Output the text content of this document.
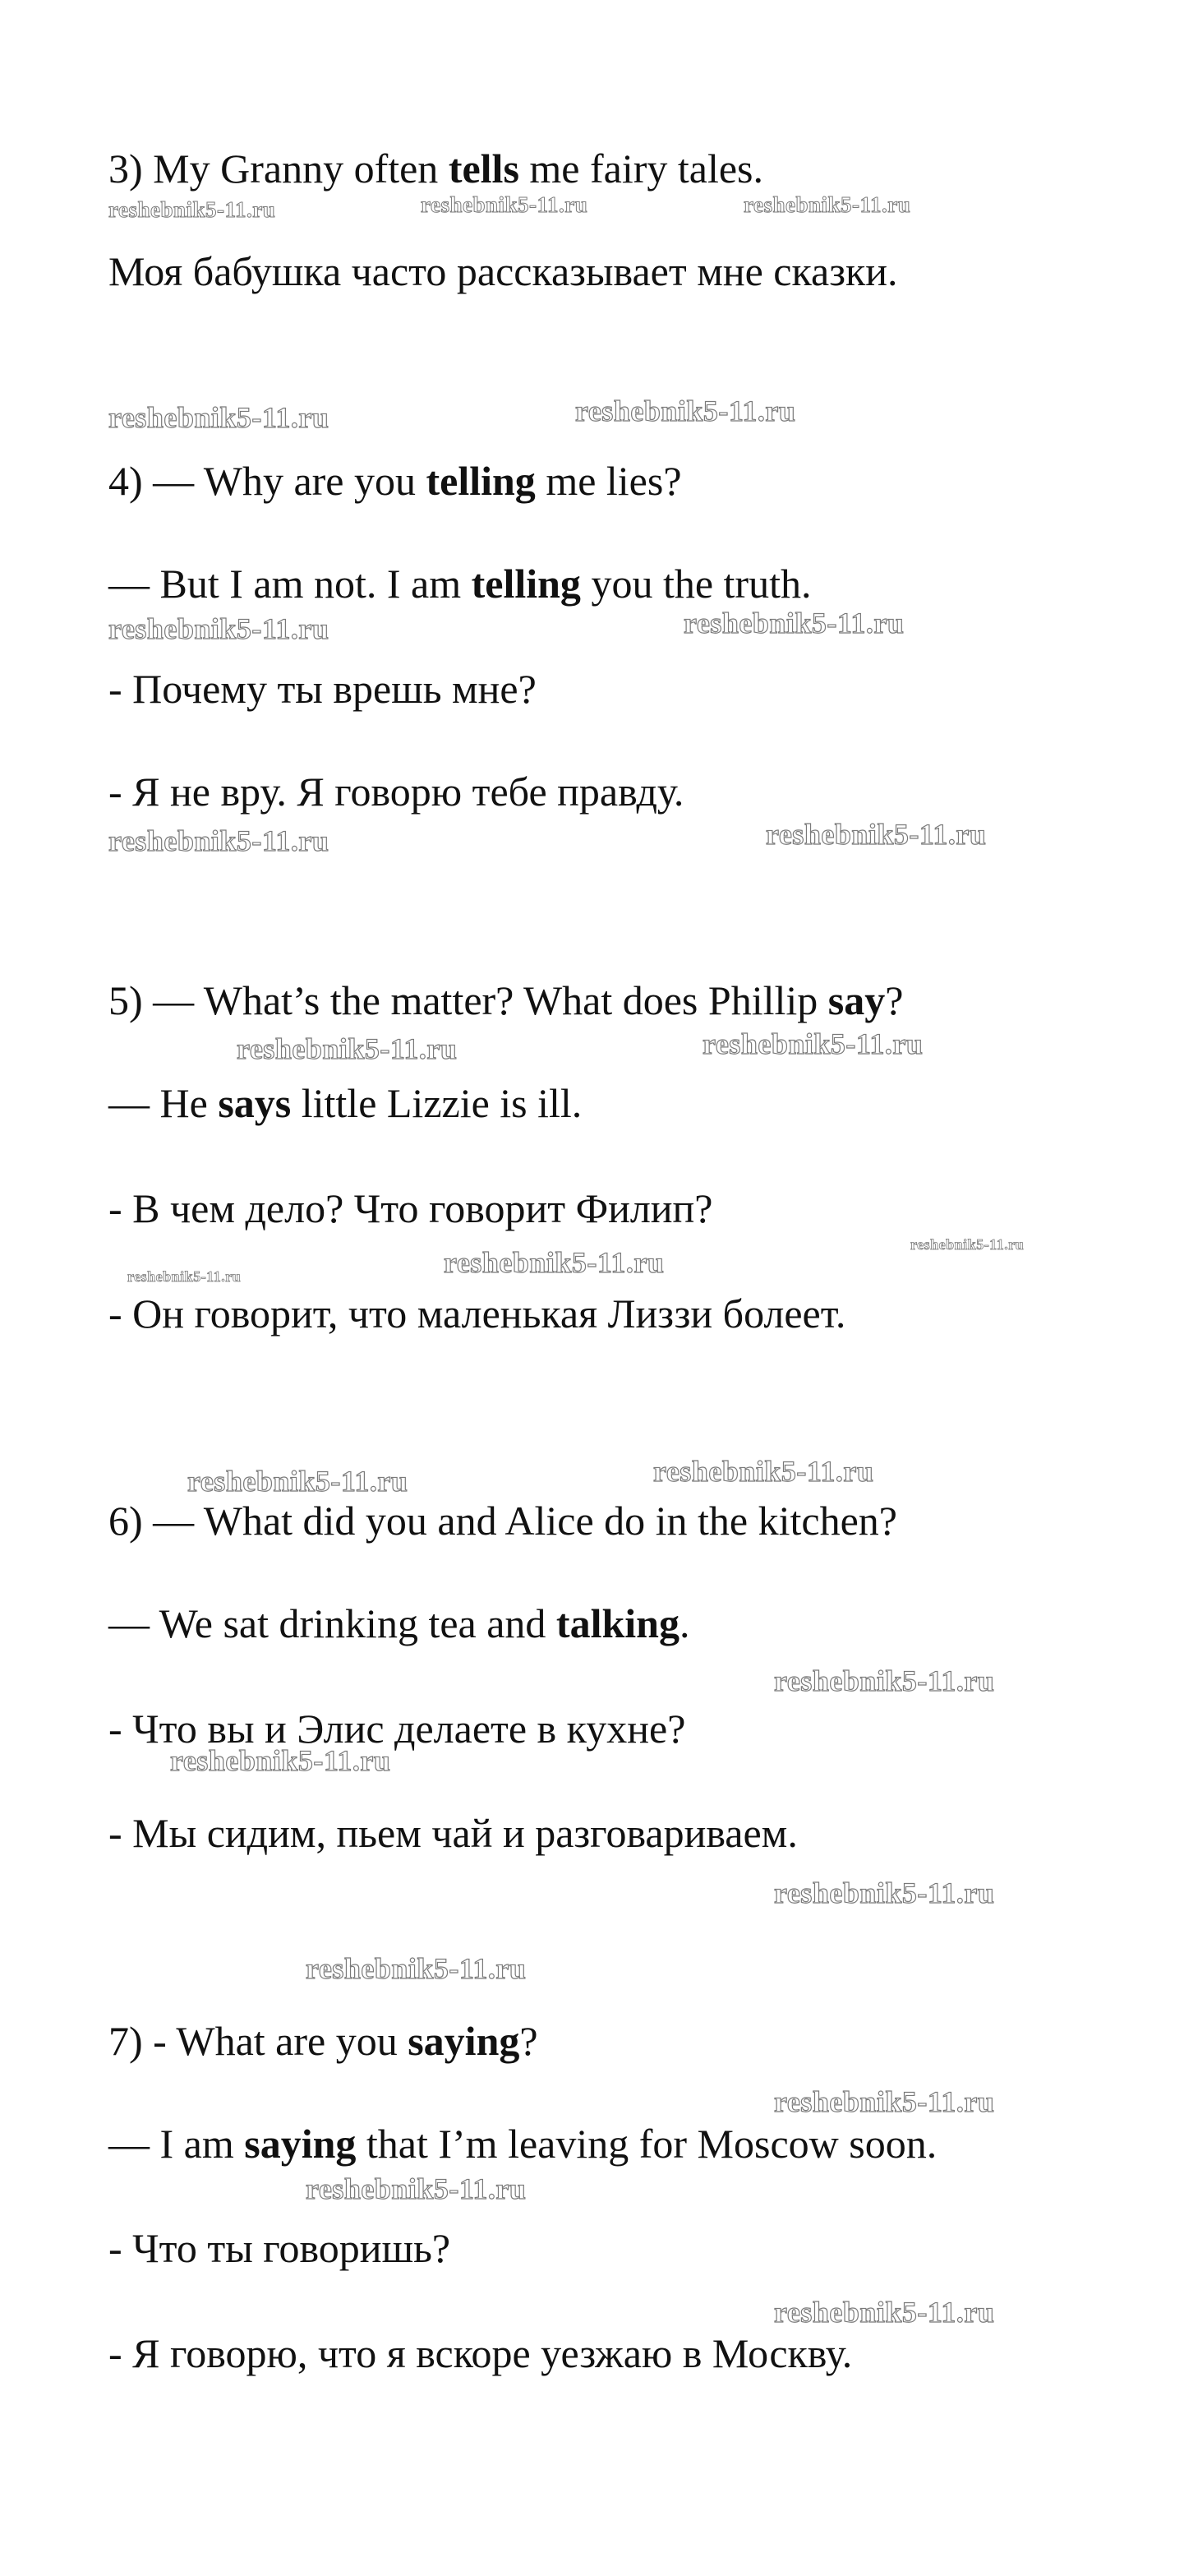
3) My Granny often tells me fairy tales.

Моя бабушка часто рассказывает мне сказки.

4) — Why are you telling me lies?

— But I am not. I am telling you the truth.

- Почему ты врешь мне?

- Я не вру. Я говорю тебе правду.

5) — What’s the matter? What does Phillip say?

— He says little Lizzie is ill.

- В чем дело? Что говорит Филип?

- Он говорит, что маленькая Лиззи болеет.

6) — What did you and Alice do in the kitchen?

— We sat drinking tea and talking.

- Что вы и Элис делаете в кухне?

- Мы сидим, пьем чай и разговариваем.

7) - What are you saying?

— I am saying that I’m leaving for Moscow soon.

- Что ты говоришь?

- Я говорю, что я вскоре уезжаю в Москву.

reshebnik5-11.ru	reshebnik5-11.ru	reshebnik5-11.ru
reshebnik5-11.ru	reshebnik5-11.ru
reshebnik5-11.ru	reshebnik5-11.ru
reshebnik5-11.ru	reshebnik5-11.ru
reshebnik5-11.ru	reshebnik5-11.ru
reshebnik5-11.ru
reshebnik5-11.ru	reshebnik5-11.ru
reshebnik5-11.ru	reshebnik5-11.ru
reshebnik5-11.ru
reshebnik5-11.ru
reshebnik5-11.ru
reshebnik5-11.ru
reshebnik5-11.ru
reshebnik5-11.ru
reshebnik5-11.ru
